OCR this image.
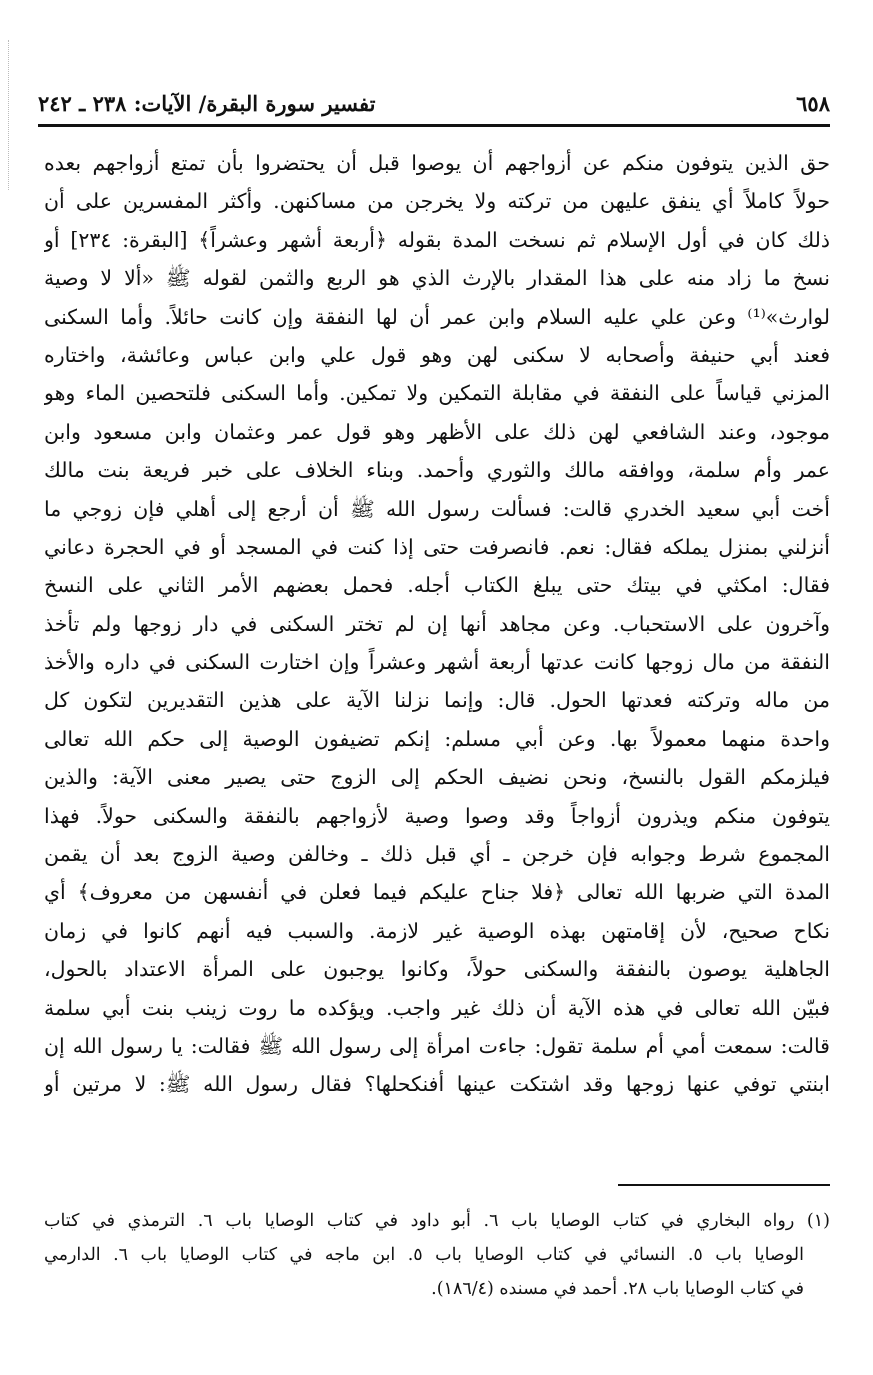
٦٥٨
تفسير سورة البقرة/ الآيات: ٢٣٨ ـ ٢٤٢
حق الذين يتوفون منكم عن أزواجهم أن يوصوا قبل أن يحتضروا بأن تمتع أزواجهم بعده
حولاً كاملاً أي ينفق عليهن من تركته ولا يخرجن من مساكنهن. وأكثر المفسرين على أن
ذلك كان في أول الإسلام ثم نسخت المدة بقوله ﴿أربعة أشهر وعشراً﴾ [البقرة: ٢٣٤] أو
نسخ ما زاد منه على هذا المقدار بالإرث الذي هو الربع والثمن لقوله ﷺ «ألا لا وصية
لوارث»⁽¹⁾ وعن علي عليه السلام وابن عمر أن لها النفقة وإن كانت حائلاً. وأما السكنى
فعند أبي حنيفة وأصحابه لا سكنى لهن وهو قول علي وابن عباس وعائشة، واختاره
المزني قياساً على النفقة في مقابلة التمكين ولا تمكين. وأما السكنى فلتحصين الماء وهو
موجود، وعند الشافعي لهن ذلك على الأظهر وهو قول عمر وعثمان وابن مسعود وابن
عمر وأم سلمة، ووافقه مالك والثوري وأحمد. وبناء الخلاف على خبر فريعة بنت مالك
أخت أبي سعيد الخدري قالت: فسألت رسول الله ﷺ أن أرجع إلى أهلي فإن زوجي ما
أنزلني بمنزل يملكه فقال: نعم. فانصرفت حتى إذا كنت في المسجد أو في الحجرة دعاني
فقال: امكثي في بيتك حتى يبلغ الكتاب أجله. فحمل بعضهم الأمر الثاني على النسخ
وآخرون على الاستحباب. وعن مجاهد أنها إن لم تختر السكنى في دار زوجها ولم تأخذ
النفقة من مال زوجها كانت عدتها أربعة أشهر وعشراً وإن اختارت السكنى في داره والأخذ
من ماله وتركته فعدتها الحول. قال: وإنما نزلنا الآية على هذين التقديرين لتكون كل
واحدة منهما معمولاً بها. وعن أبي مسلم: إنكم تضيفون الوصية إلى حكم الله تعالى
فيلزمكم القول بالنسخ، ونحن نضيف الحكم إلى الزوج حتى يصير معنى الآية: والذين
يتوفون منكم ويذرون أزواجاً وقد وصوا وصية لأزواجهم بالنفقة والسكنى حولاً. فهذا
المجموع شرط وجوابه فإن خرجن ـ أي قبل ذلك ـ وخالفن وصية الزوج بعد أن يقمن
المدة التي ضربها الله تعالى ﴿فلا جناح عليكم فيما فعلن في أنفسهن من معروف﴾ أي
نكاح صحيح، لأن إقامتهن بهذه الوصية غير لازمة. والسبب فيه أنهم كانوا في زمان
الجاهلية يوصون بالنفقة والسكنى حولاً، وكانوا يوجبون على المرأة الاعتداد بالحول،
فبيّن الله تعالى في هذه الآية أن ذلك غير واجب. ويؤكده ما روت زينب بنت أبي سلمة
قالت: سمعت أمي أم سلمة تقول: جاءت امرأة إلى رسول الله ﷺ فقالت: يا رسول الله إن
ابنتي توفي عنها زوجها وقد اشتكت عينها أفنكحلها؟ فقال رسول الله ﷺ: لا مرتين أو
(١) رواه البخاري في كتاب الوصايا باب ٦. أبو داود في كتاب الوصايا باب ٦. الترمذي في كتاب
الوصايا باب ٥. النسائي في كتاب الوصايا باب ٥. ابن ماجه في كتاب الوصايا باب ٦. الدارمي
في كتاب الوصايا باب ٢٨. أحمد في مسنده (١٨٦/٤).
